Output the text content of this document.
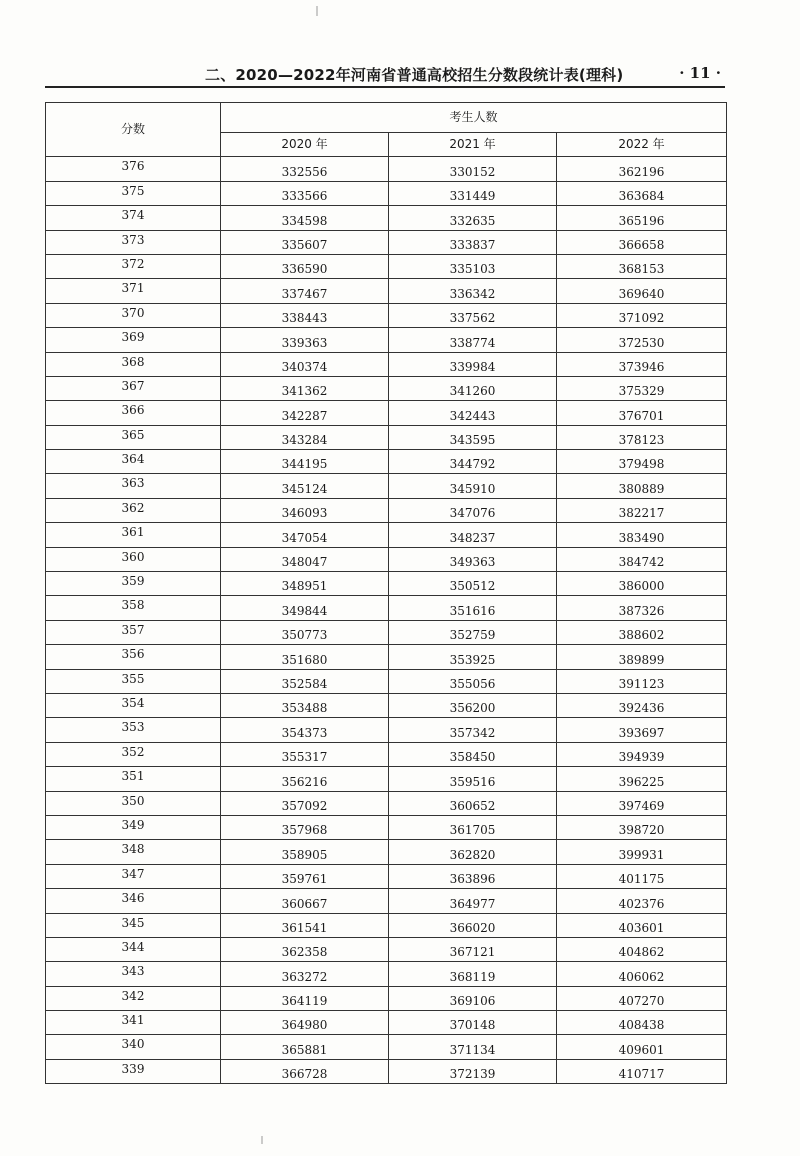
二、2020—2022年河南省普通高校招生分数段统计表(理科)	· 11 ·
分数	考生人数		
	2020 年	2021 年	2022 年
376	332556	330152	362196
375	333566	331449	363684
374	334598	332635	365196
373	335607	333837	366658
372	336590	335103	368153
371	337467	336342	369640
370	338443	337562	371092
369	339363	338774	372530
368	340374	339984	373946
367	341362	341260	375329
366	342287	342443	376701
365	343284	343595	378123
364	344195	344792	379498
363	345124	345910	380889
362	346093	347076	382217
361	347054	348237	383490
360	348047	349363	384742
359	348951	350512	386000
358	349844	351616	387326
357	350773	352759	388602
356	351680	353925	389899
355	352584	355056	391123
354	353488	356200	392436
353	354373	357342	393697
352	355317	358450	394939
351	356216	359516	396225
350	357092	360652	397469
349	357968	361705	398720
348	358905	362820	399931
347	359761	363896	401175
346	360667	364977	402376
345	361541	366020	403601
344	362358	367121	404862
343	363272	368119	406062
342	364119	369106	407270
341	364980	370148	408438
340	365881	371134	409601
339	366728	372139	410717
